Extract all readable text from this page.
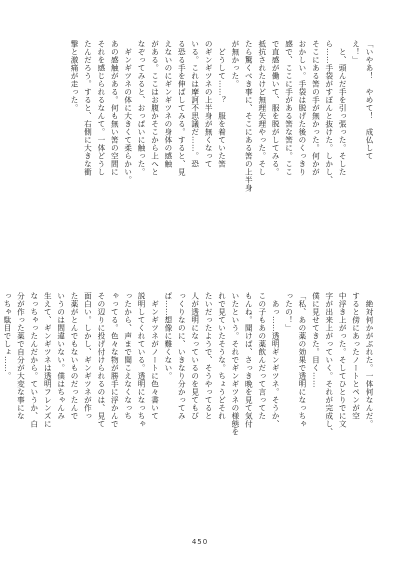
「いやあ！　やめて！　成仏して
え！」
　と、頭んだ手を引っ張った。そした
ら……手袋がすぽんと抜けた。しかし、
そこにある筈の手が無かった。何かが
おかしい。手袋は脱げた後のくっきり
感で、ここに手がある筈な筈に。ここ
で直感が働いて、服を脱がしてみる。
抵抗されたけど無理矢理やった。そし
たら驚くべき事に、そこにある筈の上半身
が無かった。
　どうして……？　服を着ていた筈
のギンギツネの上半身が無くなって
いる。これは摩訶不思議だ……。恐
る恐る手を伸ばしてみる。すると、見
えないのにギンギツネの身体の感触
がある。ここはお腹かそこから上へと
なぞってみると、おっぱいに触った。
　ギンギツネの体に大きくて柔らかい。
あの感触がある。何も無い筈の空間に
それを感じられるなんて。一体どうし
たんだろう。すると、右側に大きな衝
撃と激痛が走った。
　絶対何かがぶれた。一体何なんだ。
すると傍にあったノートとペンが空
中浮き上がった。そしてひとりでに文
字が出来上がっていく。それが完成し、
僕に見せてきた。目く……
「私、あの薬の効果で透明になっちゃ
ったの！」
　あっ……透明ギンギツネ。そうか、
この子もあの薬飲んだって言ってた
もんね。聞けば、さっき晩を見て気付
いたという。それでギンギツネの様態を
れで見ていたそうな。ちょうどそれ
たいだったようで、そうやってると
人が透明になっているのを見てもび
っくりなのに、いきなり分かってみ
ば……想像に難くない。
　ギンギツネがノートに色々書いて
説明してくれている。透明になっちゃ
ったから、声まで聞こえなくなっち
ゃってる。色々な物が勝手に浮かんで
その辺りに投げ付けられるのは、見て
面白い。しかし、ギンギツネが作っ
た薬がとんでもないものだったんで
いうのは間違いない。僕はちゃんみ
生えて、ギンギツネは透明フレンズに
なっちゃったんだから。ていうか、白
分が作った薬で自分が大変な事にな
っちゃ駄目でしょ……。
450
